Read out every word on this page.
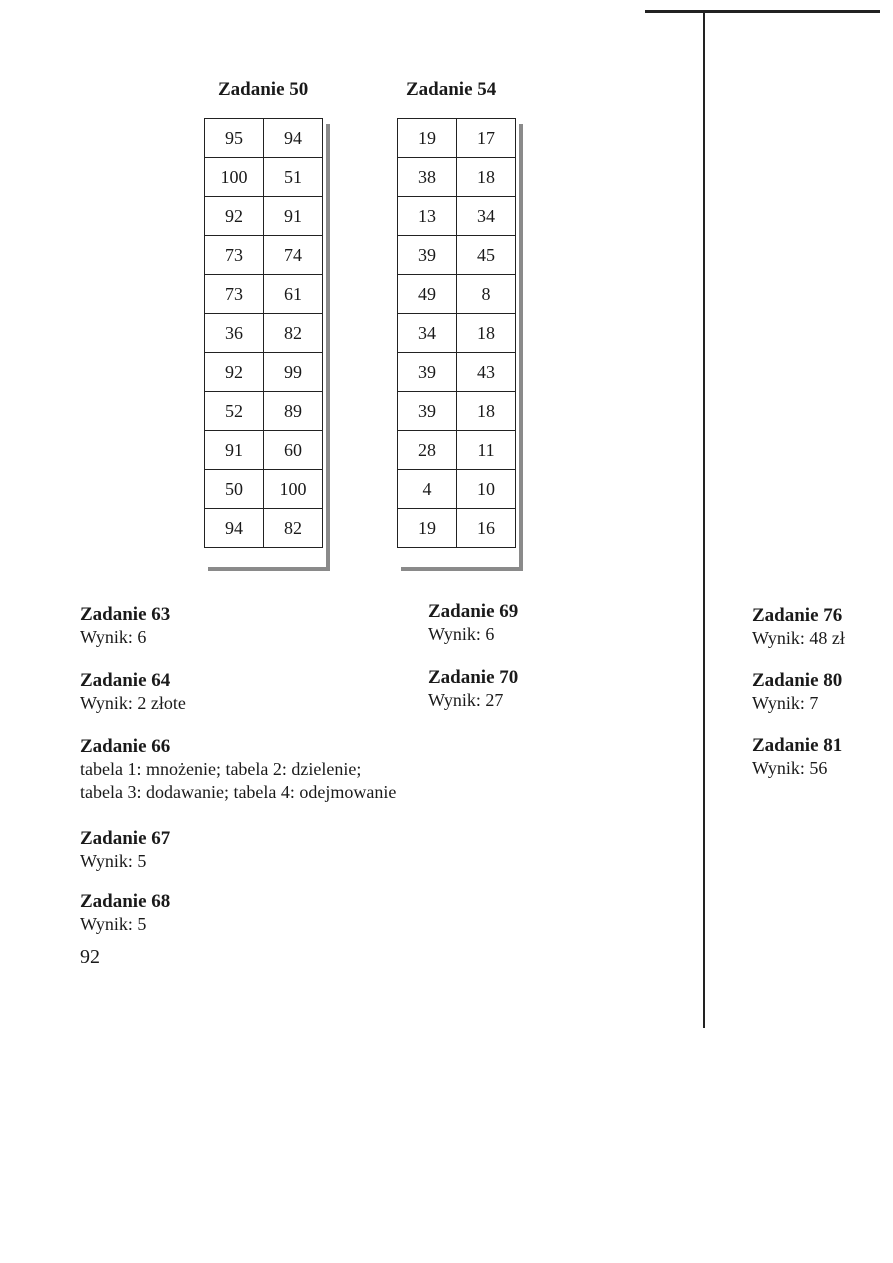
Zadanie 50
95	94
100	51
92	91
73	74
73	61
36	82
92	99
52	89
91	60
50	100
94	82
Zadanie 54
19	17
38	18
13	34
39	45
49	8
34	18
39	43
39	18
28	11
4	10
19	16
Zadanie 63
Wynik: 6
Zadanie 64
Wynik: 2 złote
Zadanie 66
tabela 1: mnożenie; tabela 2: dzielenie;
tabela 3: dodawanie; tabela 4: odejmowanie
Zadanie 67
Wynik: 5
Zadanie 68
Wynik: 5
92
Zadanie 69
Wynik: 6
Zadanie 70
Wynik: 27
Zadanie 76
Wynik: 48 zł
Zadanie 80
Wynik: 7
Zadanie 81
Wynik: 56
